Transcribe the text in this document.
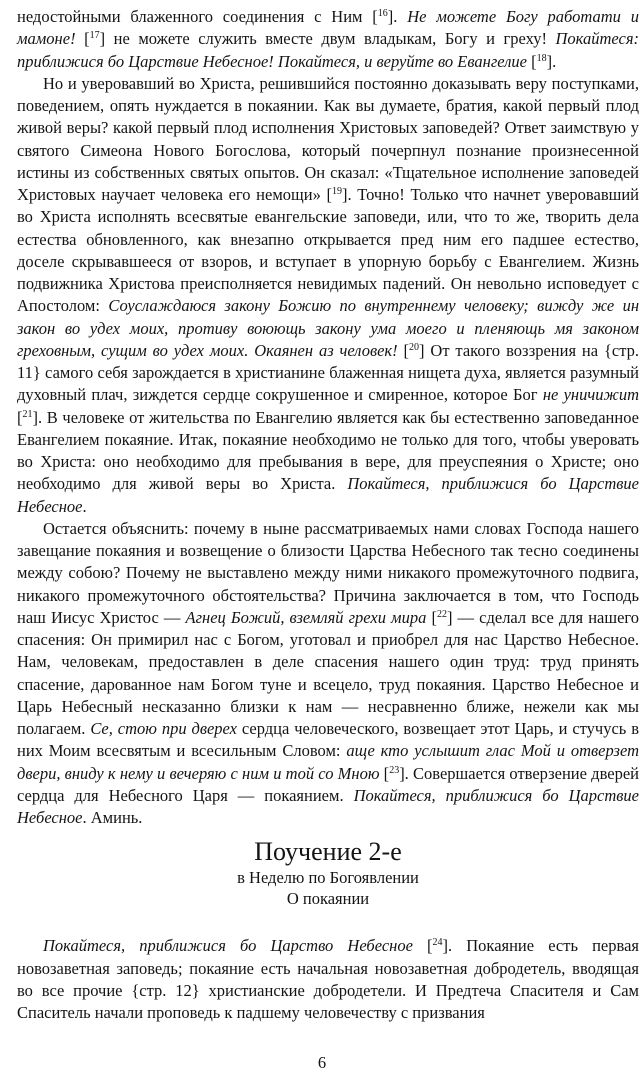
недостойными блаженного соединения с Ним [$^{16}$]. Не можете Богу работати и мамоне! [$^{17}$] не можете служить вместе двум владыкам, Богу и греху! Покайтеся: приближися бо Царствие Небесное! Покайтеся, и веруйте во Евангелие [$^{18}$].

Но и уверовавший во Христа, решившийся постоянно доказывать веру поступками, поведением, опять нуждается в покаянии. Как вы думаете, братия, какой первый плод живой веры? какой первый плод исполнения Христовых заповедей? Ответ заимствую у святого Симеона Нового Богослова, который почерпнул познание произнесенной истины из собственных святых опытов. Он сказал: «Тщательное исполнение заповедей Христовых научает человека его немощи» [$^{19}$]. Точно! Только что начнет уверовавший во Христа исполнять всесвятые евангельские заповеди, или, что то же, творить дела естества обновленного, как внезапно открывается пред ним его падшее естество, доселе скрывавшееся от взоров, и вступает в упорную борьбу с Евангелием. Жизнь подвижника Христова преисполняется невидимых падений. Он невольно исповедует с Апостолом: Соуслаждаюся закону Божию по внутреннему человеку; вижду же ин закон во удех моих, противу воюющь закону ума моего и пленяющь мя законом греховным, сущим во удех моих. Окаянен аз человек! [$^{20}$] От такого воззрения на {стр. 11} самого себя зарождается в христианине блаженная нищета духа, является разумный духовный плач, зиждется сердце сокрушенное и смиренное, которое Бог не уничижит [$^{21}$]. В человеке от жительства по Евангелию является как бы естественно заповеданное Евангелием покаяние. Итак, покаяние необходимо не только для того, чтобы уверовать во Христа: оно необходимо для пребывания в вере, для преуспеяния о Христе; оно необходимо для живой веры во Христа. Покайтеся, приближися бо Царствие Небесное.

Остается объяснить: почему в ныне рассматриваемых нами словах Господа нашего завещание покаяния и возвещение о близости Царства Небесного так тесно соединены между собою? Почему не выставлено между ними никакого промежуточного подвига, никакого промежуточного обстоятельства? Причина заключается в том, что Господь наш Иисус Христос — Агнец Божий, вземляй грехи мира [$^{22}$] — сделал все для нашего спасения: Он примирил нас с Богом, уготовал и приобрел для нас Царство Небесное. Нам, человекам, предоставлен в деле спасения нашего один труд: труд принять спасение, дарованное нам Богом туне и всецело, труд покаяния. Царство Небесное и Царь Небесный несказанно близки к нам — несравненно ближе, нежели как мы полагаем. Се, стою при дверех сердца человеческого, возвещает этот Царь, и стучусь в них Моим всесвятым и всесильным Словом: аще кто услышит глас Мой и отверзет двери, вниду к нему и вечеряю с ним и той со Мною [$^{23}$]. Совершается отверзение дверей сердца для Небесного Царя — покаянием. Покайтеся, приближися бо Царствие Небесное. Аминь.

Поучение 2-е
в Неделю по Богоявлении
О покаянии

Покайтеся, приближися бо Царство Небесное [$^{24}$]. Покаяние есть первая новозаветная заповедь; покаяние есть начальная новозаветная добродетель, вводящая во все прочие {стр. 12} христианские добродетели. И Предтеча Спасителя и Сам Спаситель начали проповедь к падшему человечеству с призвания

6
